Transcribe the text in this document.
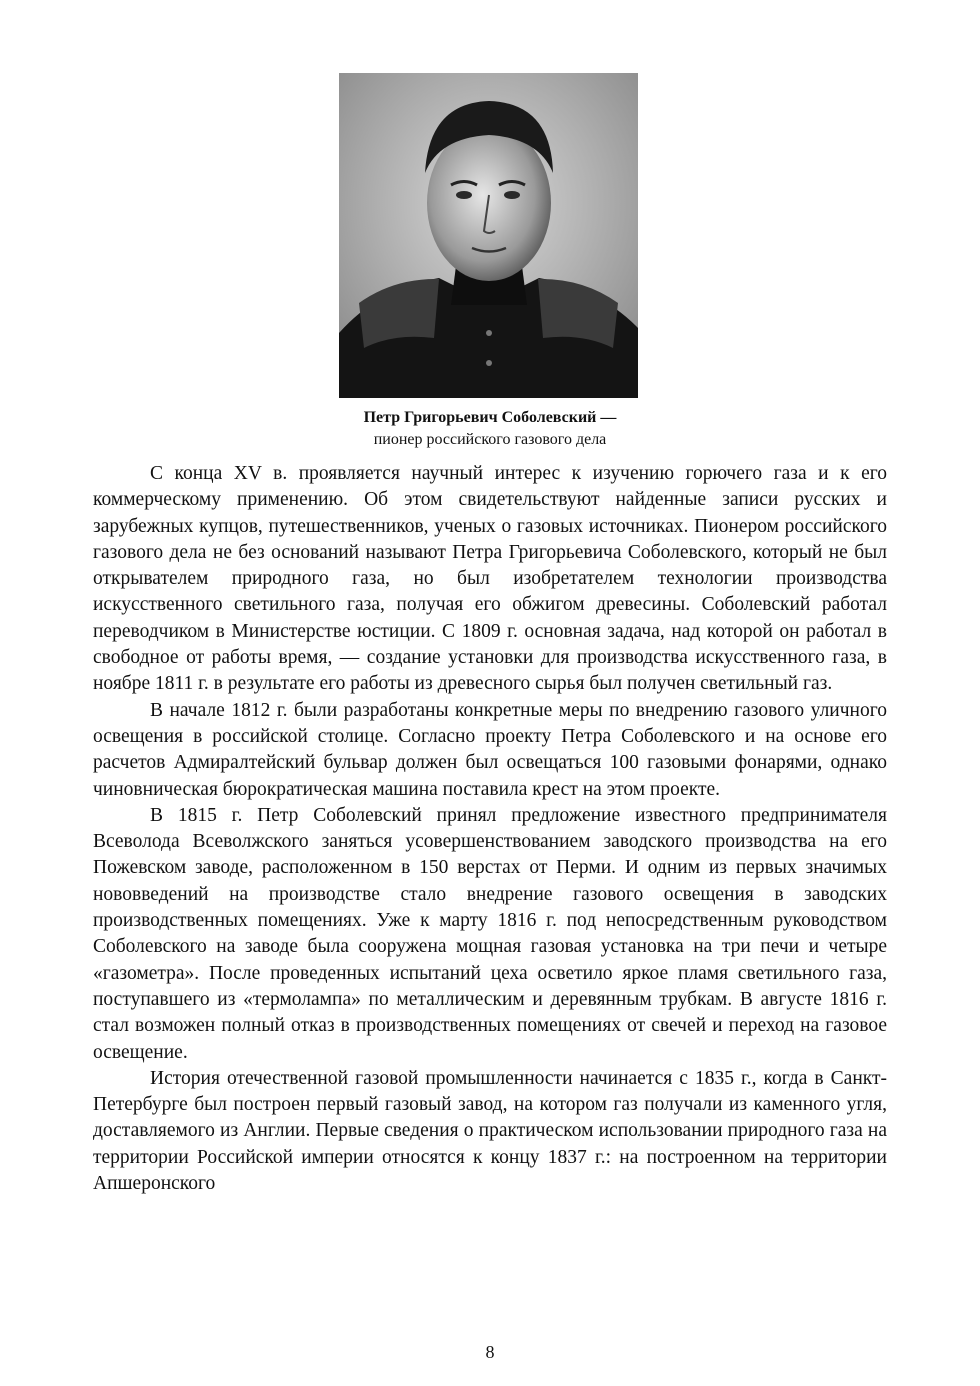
Петр Григорьевич Соболевский —
пионер российского газового дела

С конца XV в. проявляется научный интерес к изучению горючего газа и к его коммерческому применению. Об этом свидетельствуют найденные записи русских и зарубежных купцов, путешественников, ученых о газовых источниках. Пионером российского газового дела не без оснований называют Петра Григорьевича Соболевского, который не был открывателем природного газа, но был изобретателем технологии производства искусственного светильного газа, получая его обжигом древесины. Соболевский работал переводчиком в Министерстве юстиции. С 1809 г. основная задача, над которой он работал в свободное от работы время, — создание установки для производства искусственного газа, в ноябре 1811 г. в результате его работы из древесного сырья был получен светильный газ.

В начале 1812 г. были разработаны конкретные меры по внедрению газового уличного освещения в российской столице. Согласно проекту Петра Соболевского и на основе его расчетов Адмиралтейский бульвар должен был освещаться 100 газовыми фонарями, однако чиновническая бюрократическая машина поставила крест на этом проекте.

В 1815 г. Петр Соболевский принял предложение известного предпринимателя Всеволода Всеволжского заняться усовершенствованием заводского производства на его Пожевском заводе, расположенном в 150 верстах от Перми. И одним из первых значимых нововведений на производстве стало внедрение газового освещения в заводских производственных помещениях. Уже к марту 1816 г. под непосредственным руководством Соболевского на заводе была сооружена мощная газовая установка на три печи и четыре «газометра». После проведенных испытаний цеха осветило яркое пламя светильного газа, поступавшего из «термолампа» по металлическим и деревянным трубкам. В августе 1816 г. стал возможен полный отказ в производственных помещениях от свечей и переход на газовое освещение.

История отечественной газовой промышленности начинается с 1835 г., когда в Санкт-Петербурге был построен первый газовый завод, на котором газ получали из каменного угля, доставляемого из Англии. Первые сведения о практическом использовании природного газа на территории Российской империи относятся к концу 1837 г.: на построенном на территории Апшеронского

8
